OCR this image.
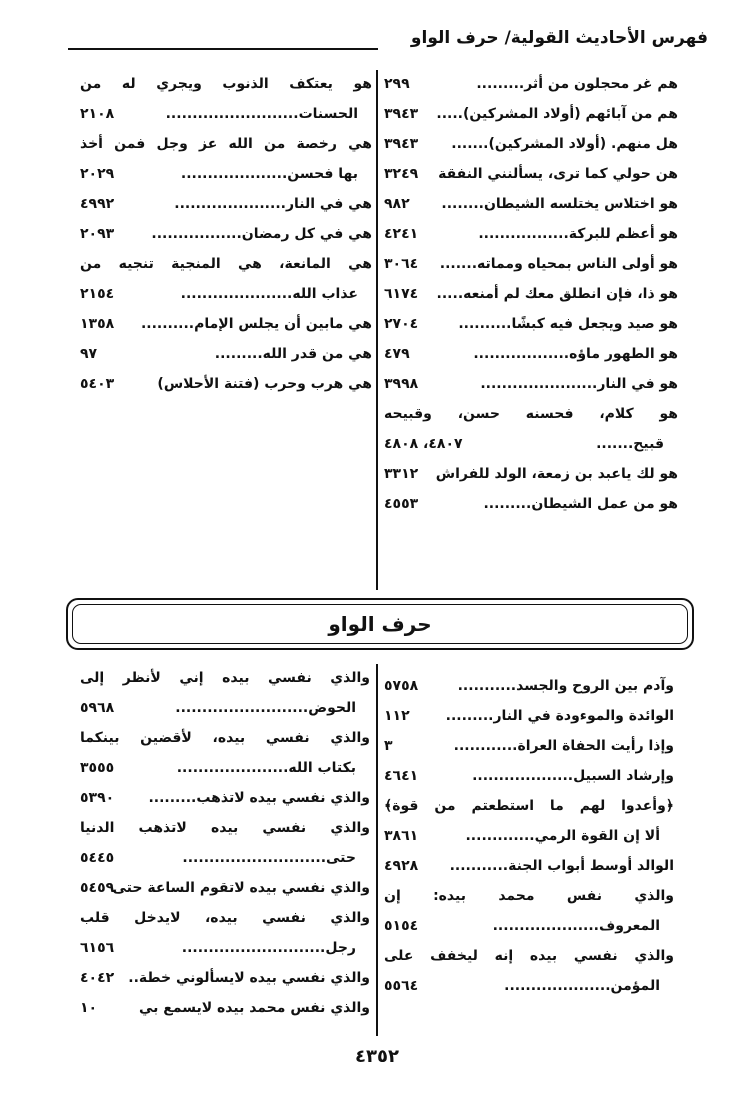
فهرس الأحاديث القولية/ حرف الواو
هم غر محجلون من أثر.........
٢٩٩
هم من آبائهم (أولاد المشركين).....
٣٩٤٣
هل منهم. (أولاد المشركين).......
٣٩٤٣
هن حولي كما ترى، يسألنني النفقة
٣٢٤٩
هو اختلاس يختلسه الشيطان........
٩٨٢
هو أعظم للبركة.................
٤٢٤١
هو أولى الناس بمحياه ومماته.......
٣٠٦٤
هو ذا، فإن انطلق معك لم أمنعه.....
٦١٧٤
هو صيد ويجعل فيه كبشًا..........
٢٧٠٤
هو الطهور ماؤه..................
٤٧٩
هو في النار......................
٣٩٩٨
هو كلام، فحسنه حسن، وقبيحه
قبيح.......
٤٨٠٧، ٤٨٠٨
هو لك ياعبد بن زمعة، الولد للفراش
٣٣١٢
هو من عمل الشيطان.........
٤٥٥٣
هو يعتكف الذنوب ويجري له من
الحسنات.........................
٢١٠٨
هي رخصة من الله عز وجل فمن أخذ
بها فحسن....................
٢٠٢٩
هي في النار.....................
٤٩٩٢
هي في كل رمضان.................
٢٠٩٣
هي المانعة، هي المنجية تنجيه من
عذاب الله.....................
٢١٥٤
هي مابين أن يجلس الإمام..........
١٣٥٨
هي من قدر الله.........
٩٧
هي هرب وحرب (فتنة الأحلاس)
٥٤٠٣
حرف الواو
وآدم بين الروح والجسد...........
٥٧٥٨
الوائدة والموءودة في النار.........
١١٢
وإذا رأيت الحفاة العراة............
٣
وإرشاد السبيل...................
٤٦٤١
﴿وأعدوا لهم ما استطعتم من قوة﴾
ألا إن القوة الرمي.............
٣٨٦١
الوالد أوسط أبواب الجنة...........
٤٩٢٨
والذي نفس محمد بيده: إن
المعروف....................
٥١٥٤
والذي نفسي بيده إنه ليخفف على
المؤمن....................
٥٥٦٤
والذي نفسي بيده إني لأنظر إلى
الحوض.........................
٥٩٦٨
والذي نفسي بيده، لأقضين بينكما
بكتاب الله.....................
٣٥٥٥
والذي نفسي بيده لاتذهب.........
٥٣٩٠
والذي نفسي بيده لاتذهب الدنيا
حتى...........................
٥٤٤٥
والذي نفسي بيده لاتقوم الساعة حتى
٥٤٥٩
والذي نفسي بيده، لايدخل قلب
رجل...........................
٦١٥٦
والذي نفسي بيده لايسألوني خطة..
٤٠٤٢
والذي نفس محمد بيده لايسمع بي
١٠
٤٣٥٢
